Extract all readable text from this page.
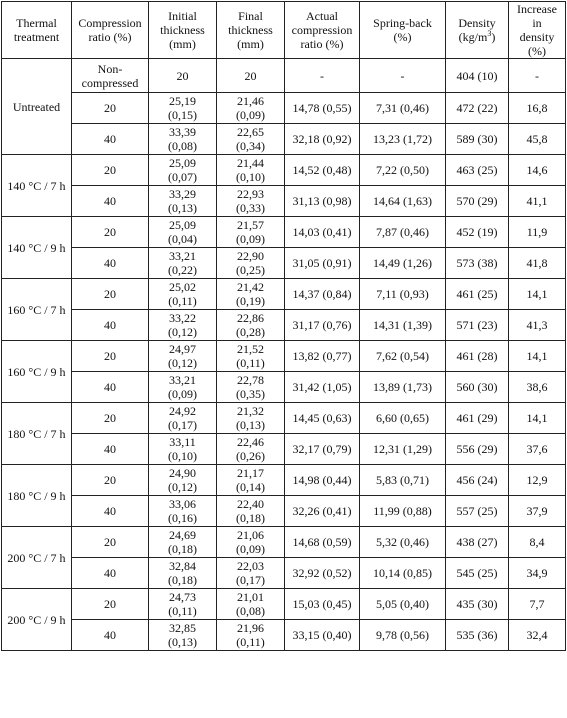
Thermal
treatment	Compression
ratio (%)	Initial
thickness
(mm)	Final
thickness
(mm)	Actual
compression
ratio (%)	Spring-back
(%)	Density
$(kg/m^3)$	Increase in
density
(%)

Untreated	Non-
compressed	20	20	-	-	404 (10)	-

	20	25,19
(0,15)	21,46
(0,09)	14,78 (0,55)	7,31 (0,46)	472 (22)	16,8

	40	33,39
(0,08)	22,65
(0,34)	32,18 (0,92)	13,23 (1,72)	589 (30)	45,8

140 °C / 7 h	20	25,09
(0,07)	21,44
(0,10)	14,52 (0,48)	7,22 (0,50)	463 (25)	14,6

	40	33,29
(0,13)	22,93
(0,33)	31,13 (0,98)	14,64 (1,63)	570 (29)	41,1

140 °C / 9 h	20	25,09
(0,04)	21,57
(0,09)	14,03 (0,41)	7,87 (0,46)	452 (19)	11,9

	40	33,21
(0,22)	22,90
(0,25)	31,05 (0,91)	14,49 (1,26)	573 (38)	41,8

160 °C / 7 h	20	25,02
(0,11)	21,42
(0,19)	14,37 (0,84)	7,11 (0,93)	461 (25)	14,1

	40	33,22
(0,12)	22,86
(0,28)	31,17 (0,76)	14,31 (1,39)	571 (23)	41,3

160 °C / 9 h	20	24,97
(0,12)	21,52
(0,11)	13,82 (0,77)	7,62 (0,54)	461 (28)	14,1

	40	33,21
(0,09)	22,78
(0,35)	31,42 (1,05)	13,89 (1,73)	560 (30)	38,6

180 °C / 7 h	20	24,92
(0,17)	21,32
(0,13)	14,45 (0,63)	6,60 (0,65)	461 (29)	14,1

	40	33,11
(0,10)	22,46
(0,26)	32,17 (0,79)	12,31 (1,29)	556 (29)	37,6

180 °C / 9 h	20	24,90
(0,12)	21,17
(0,14)	14,98 (0,44)	5,83 (0,71)	456 (24)	12,9

	40	33,06
(0,16)	22,40
(0,18)	32,26 (0,41)	11,99 (0,88)	557 (25)	37,9

200 °C / 7 h	20	24,69
(0,18)	21,06
(0,09)	14,68 (0,59)	5,32 (0,46)	438 (27)	8,4

	40	32,84
(0,18)	22,03
(0,17)	32,92 (0,52)	10,14 (0,85)	545 (25)	34,9

200 °C / 9 h	20	24,73
(0,11)	21,01
(0,08)	15,03 (0,45)	5,05 (0,40)	435 (30)	7,7

	40	32,85
(0,13)	21,96
(0,11)	33,15 (0,40)	9,78 (0,56)	535 (36)	32,4
